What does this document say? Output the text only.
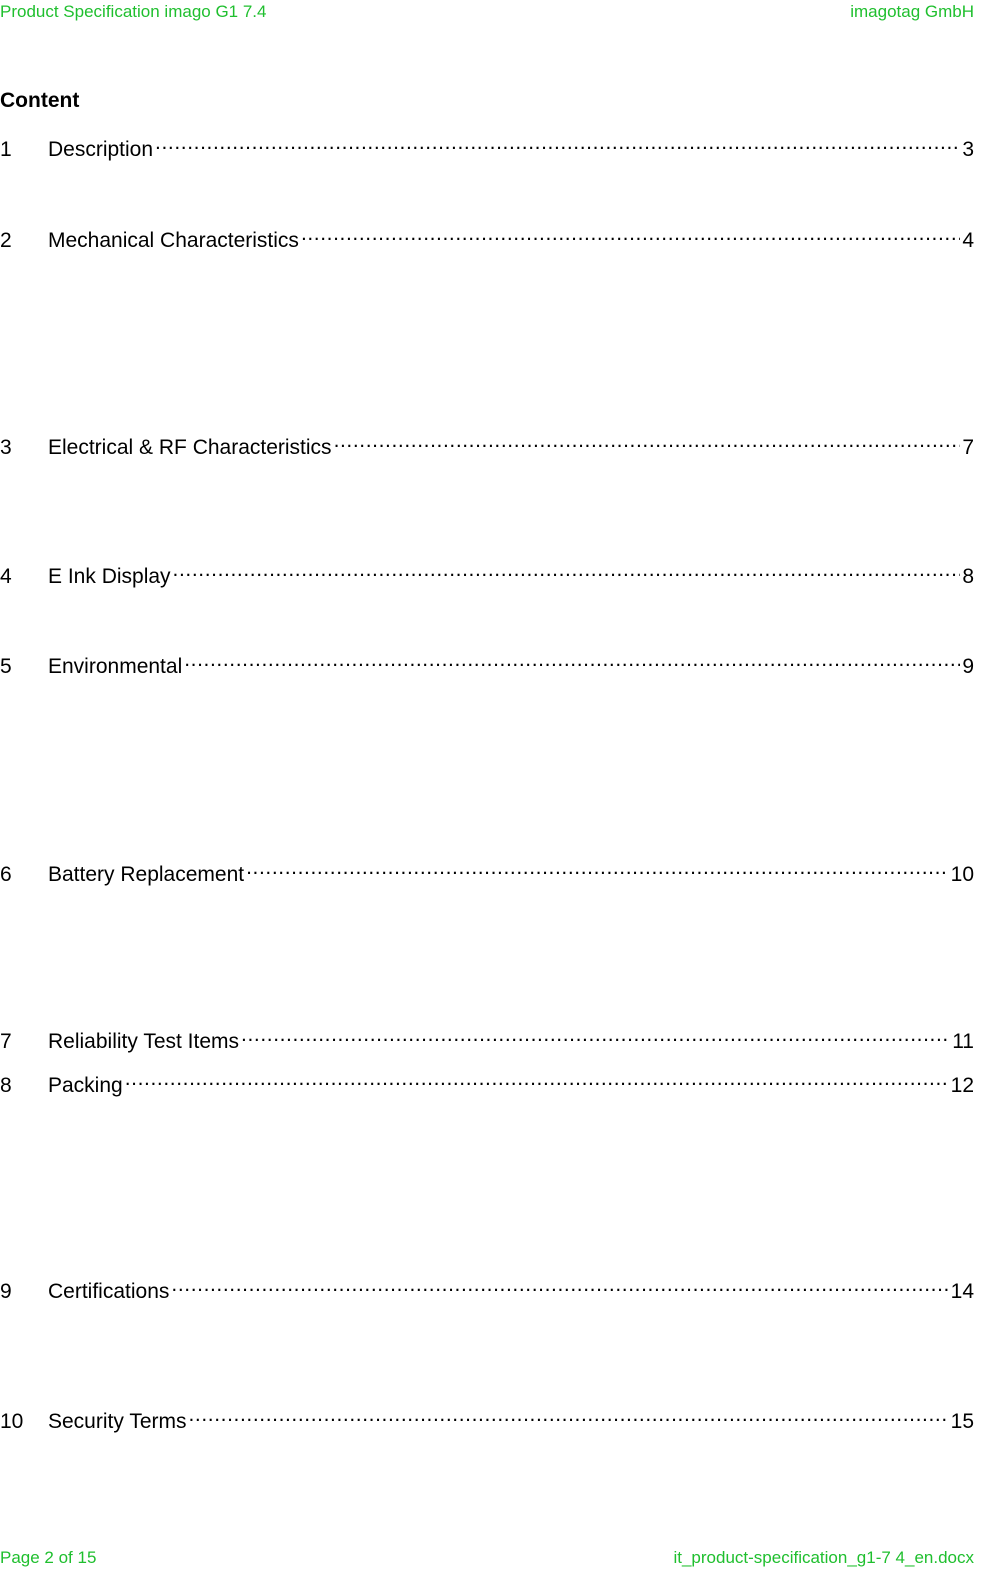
Product Specification imago G1 7.4	imagotag GmbH
Content
1	Description .....	3
2	Mechanical Characteristics .....	4
3	Electrical & RF Characteristics .....	7
4	E Ink Display .....	8
5	Environmental .....	9
6	Battery Replacement .....	10
7	Reliability Test Items .....	11
8	Packing .....	12
9	Certifications .....	14
10	Security Terms .....	15
Page 2 of 15	it_product-specification_g1-7 4_en.docx
